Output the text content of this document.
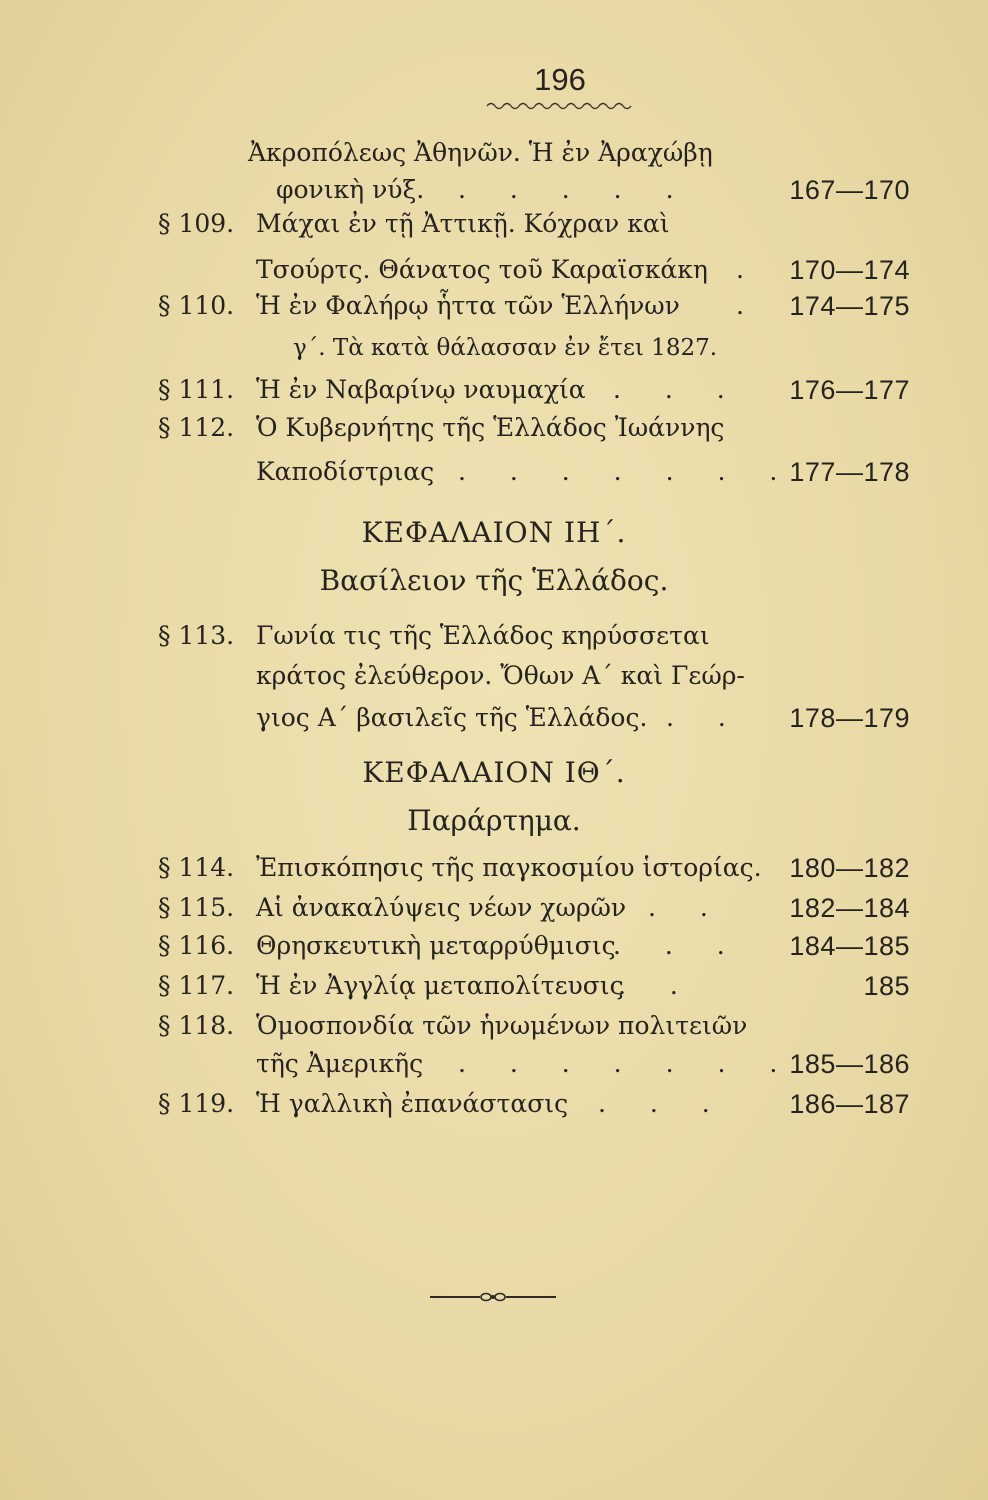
196
Ἀκροπόλεως Ἀθηνῶν. Ἡ ἐν Ἀραχώβῃ
φονικὴ νύξ. . . . . .	167—170
§ 109. Μάχαι ἐν τῇ Ἀττικῇ. Κόχραν καὶ
Τσούρτς. Θάνατος τοῦ Καραϊσκάκη . 170—174
§ 110. Ἡ ἐν Φαλήρῳ ἧττα τῶν Ἑλλήνων . 174—175
γ΄. Τὰ κατὰ θάλασσαν ἐν ἔτει 1827.
§ 111. Ἡ ἐν Ναβαρίνῳ ναυμαχία . . . 176—177
§ 112. Ὁ Κυβερνήτης τῆς Ἑλλάδος Ἰωάννης
Καποδίστριας . . . . . . .
177—178
ΚΕΦΑΛΑΙΟΝ ΙΗ΄.
Βασίλειον τῆς Ἑλλάδος.
§ 113. Γωνία τις τῆς Ἑλλάδος κηρύσσεται
κράτος ἐλεύθερον. Ὄθων Α΄ καὶ Γεώρ-
γιος Α΄ βασιλεῖς τῆς Ἑλλάδος. . . 178—179
ΚΕΦΑΛΑΙΟΝ ΙΘ΄.
Παράρτημα.
§ 114. Ἐπισκόπησις τῆς παγκοσμίου ἱστορίας. 180—182
§ 115. Αἱ ἀνακαλύψεις νέων χωρῶν . . 182—184
§ 116. Θρησκευτικὴ μεταρρύθμισις
. . . 184—185
§ 117. Ἡ ἐν Ἀγγλίᾳ μεταπολίτευσις
. .	185
§ 118. Ὁμοσπονδία τῶν ἡνωμένων πολιτειῶν
τῆς Ἀμερικῆς . . . . . . .
185—186
§ 119. Ἡ γαλλικὴ ἐπανάστασις . . . 186—187
